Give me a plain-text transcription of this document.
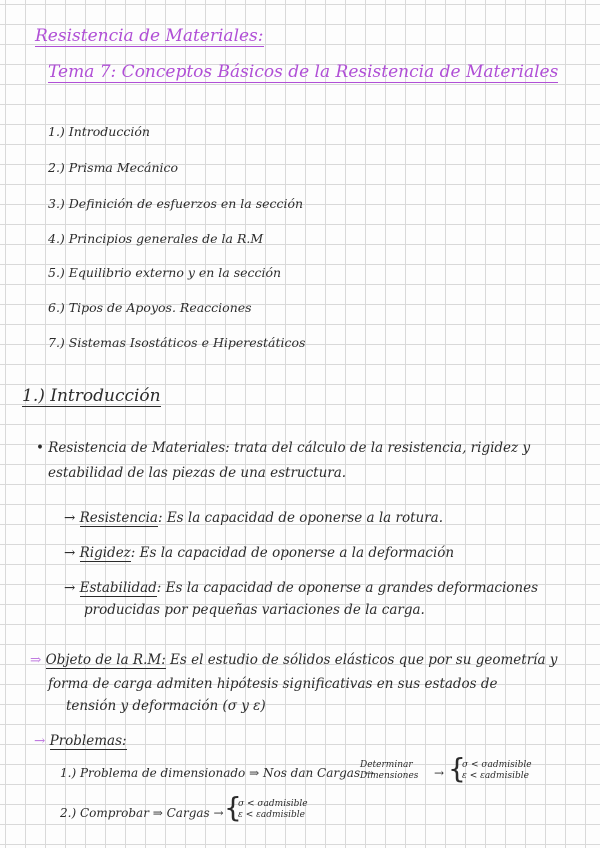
Resistencia de Materiales:
Tema 7: Conceptos Básicos de la Resistencia de Materiales
1.) Introducción
2.) Prisma Mecánico
3.) Definición de esfuerzos en la sección
4.) Principios generales de la R.M
5.) Equilibrio externo y en la sección
6.) Tipos de Apoyos. Reacciones
7.) Sistemas Isostáticos e Hiperestáticos
1.) Introducción
• Resistencia de Materiales: trata del cálculo de la resistencia, rigidez y
estabilidad de las piezas de una estructura.
→ Resistencia: Es la capacidad de oponerse a la rotura.
→ Rigidez: Es la capacidad de oponerse a la deformación
→ Estabilidad: Es la capacidad de oponerse a grandes deformaciones
producidas por pequeñas variaciones de la carga.
⇒ Objeto de la R.M: Es el estudio de sólidos elásticos que por su geometría y
forma de carga admiten hipótesis significativas en sus estados de
tensión y deformación (σ y ε)
→ Problemas:
1.) Problema de dimensionado ⇒ Nos dan Cargas →
Determinar
Dimensiones → {
σ < σadmisible
ε < εadmisible
2.) Comprobar ⇒ Cargas → {
σ < σadmisible
ε < εadmisible
